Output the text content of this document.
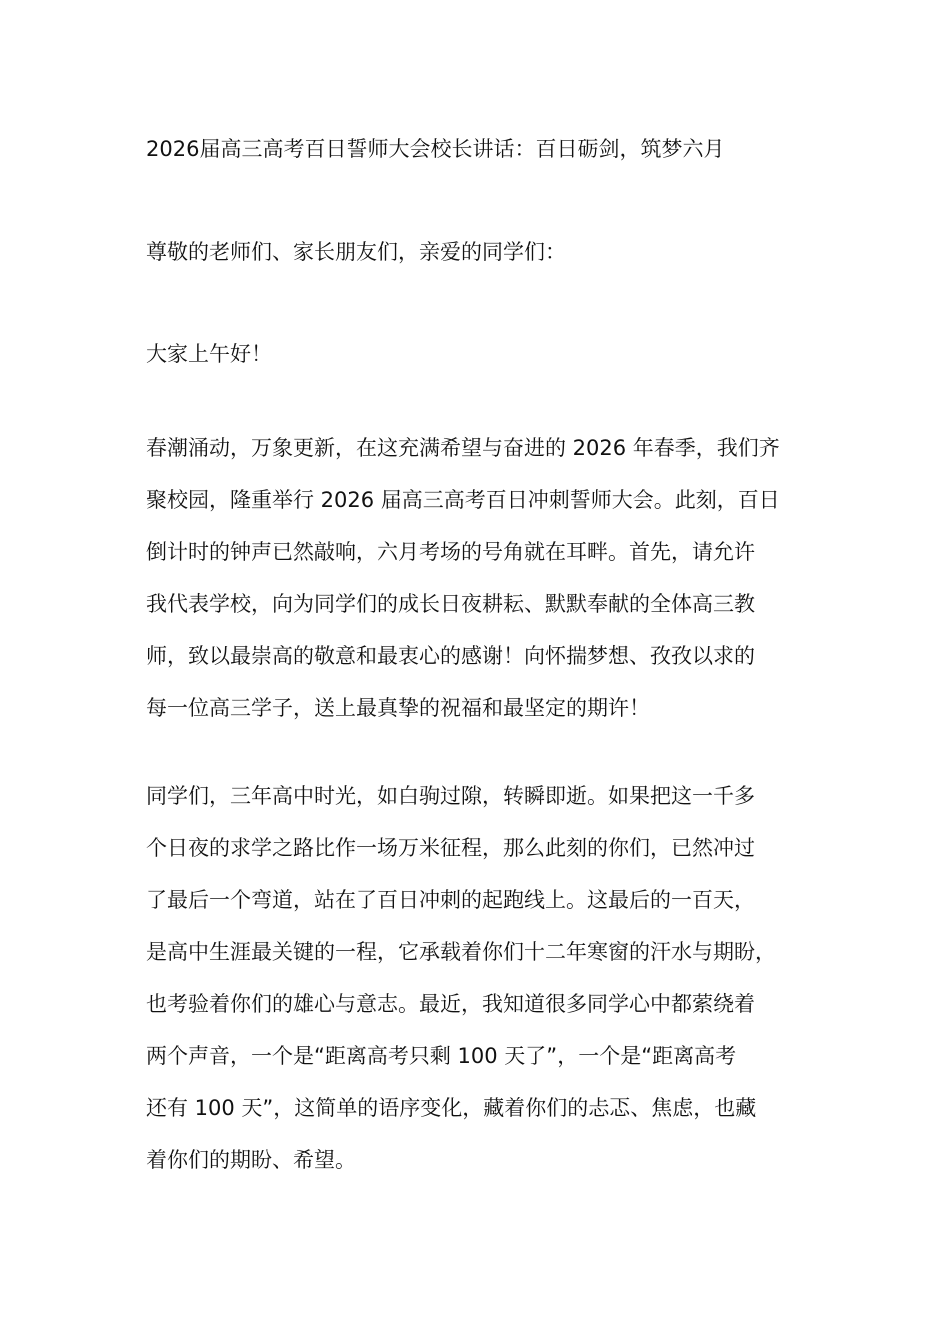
2026届高三高考百日誓师大会校长讲话：百日砺剑，筑梦六月
尊敬的老师们、家长朋友们，亲爱的同学们：
大家上午好！
春潮涌动，万象更新，在这充满希望与奋进的 2026 年春季，我们齐
聚校园，隆重举行 2026 届高三高考百日冲刺誓师大会。此刻，百日
倒计时的钟声已然敲响，六月考场的号角就在耳畔。首先，请允许
我代表学校，向为同学们的成长日夜耕耘、默默奉献的全体高三教
师，致以最崇高的敬意和最衷心的感谢！向怀揣梦想、孜孜以求的
每一位高三学子，送上最真挚的祝福和最坚定的期许！
同学们，三年高中时光，如白驹过隙，转瞬即逝。如果把这一千多
个日夜的求学之路比作一场万米征程，那么此刻的你们，已然冲过
了最后一个弯道，站在了百日冲刺的起跑线上。这最后的一百天，
是高中生涯最关键的一程，它承载着你们十二年寒窗的汗水与期盼，
也考验着你们的雄心与意志。最近，我知道很多同学心中都萦绕着
两个声音，一个是“距离高考只剩 100 天了”，一个是“距离高考
还有 100 天”，这简单的语序变化，藏着你们的忐忑、焦虑，也藏
着你们的期盼、希望。
